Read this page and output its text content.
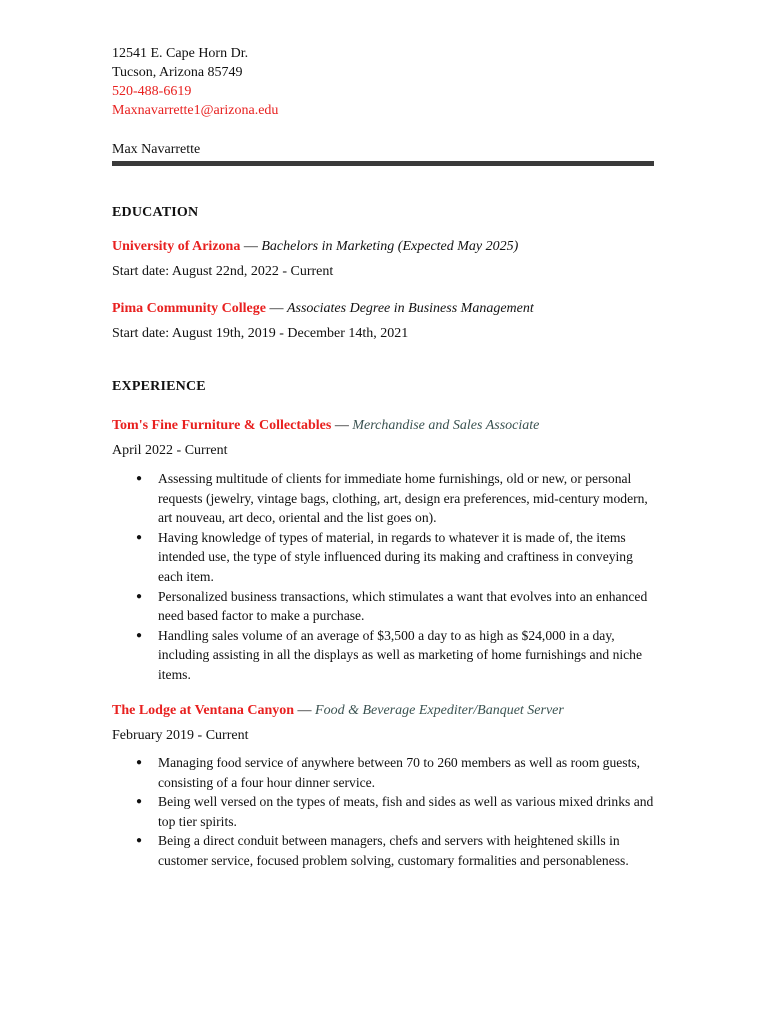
12541 E. Cape Horn Dr.
Tucson, Arizona 85749
520-488-6619
Maxnavarrette1@arizona.edu
Max Navarrette
EDUCATION
University of Arizona — Bachelors in Marketing (Expected May 2025)
Start date: August 22nd, 2022 - Current
Pima Community College — Associates Degree in Business Management
Start date: August 19th, 2019 - December 14th, 2021
EXPERIENCE
Tom's Fine Furniture & Collectables — Merchandise and Sales Associate
April 2022 - Current
● Assessing multitude of clients for immediate home furnishings, old or new, or personal requests (jewelry, vintage bags, clothing, art, design era preferences, mid-century modern, art nouveau, art deco, oriental and the list goes on).
● Having knowledge of types of material, in regards to whatever it is made of, the items intended use, the type of style influenced during its making and craftiness in conveying each item.
● Personalized business transactions, which stimulates a want that evolves into an enhanced need based factor to make a purchase.
● Handling sales volume of an average of $3,500 a day to as high as $24,000 in a day, including assisting in all the displays as well as marketing of home furnishings and niche items.
The Lodge at Ventana Canyon — Food & Beverage Expediter/Banquet Server
February 2019 - Current
● Managing food service of anywhere between 70 to 260 members as well as room guests, consisting of a four hour dinner service.
● Being well versed on the types of meats, fish and sides as well as various mixed drinks and top tier spirits.
● Being a direct conduit between managers, chefs and servers with heightened skills in customer service, focused problem solving, customary formalities and personableness.
